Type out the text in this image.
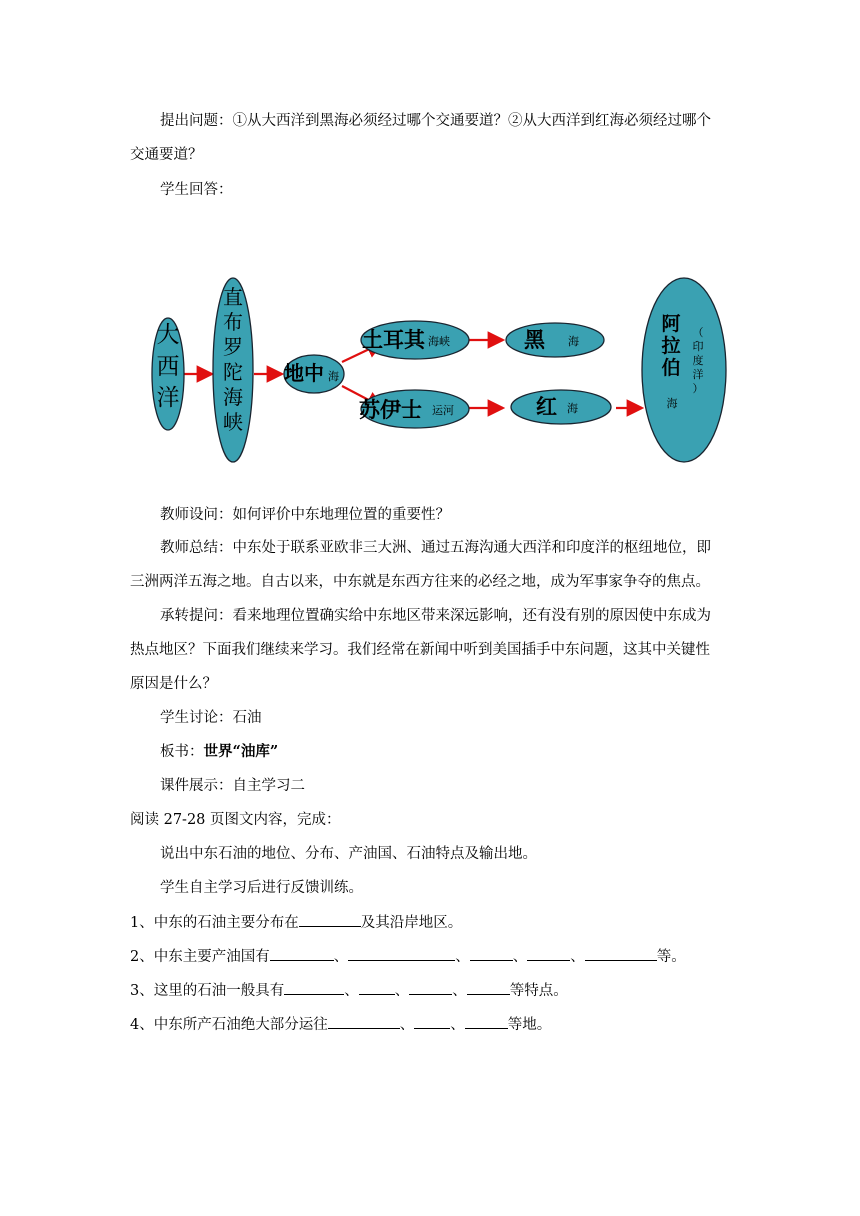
提出问题：①从大西洋到黑海必须经过哪个交通要道？②从大西洋到红海必须经过哪个
交通要道？
学生回答：
大
西
洋
直
布
罗
陀
海
峡
地中 海
土耳其 海峡
苏伊士 运河
黑 海
红 海
阿
拉
伯
海
（
印
度
洋
）
教师设问：如何评价中东地理位置的重要性？
教师总结：中东处于联系亚欧非三大洲、通过五海沟通大西洋和印度洋的枢纽地位，即
三洲两洋五海之地。自古以来，中东就是东西方往来的必经之地，成为军事家争夺的焦点。
承转提问：看来地理位置确实给中东地区带来深远影响，还有没有别的原因使中东成为
热点地区？下面我们继续来学习。我们经常在新闻中听到美国插手中东问题，这其中关键性
原因是什么？
学生讨论：石油
板书：世界“油库”
课件展示：自主学习二
阅读 27-28 页图文内容，完成：
说出中东石油的地位、分布、产油国、石油特点及输出地。
学生自主学习后进行反馈训练。
1、中东的石油主要分布在	及其沿岸地区。
2、中东主要产油国有	、	、	、	、	等。
3、这里的石油一般具有	、 、	、	等特点。
4、中东所产石油绝大部分运往	、 、	等地。
